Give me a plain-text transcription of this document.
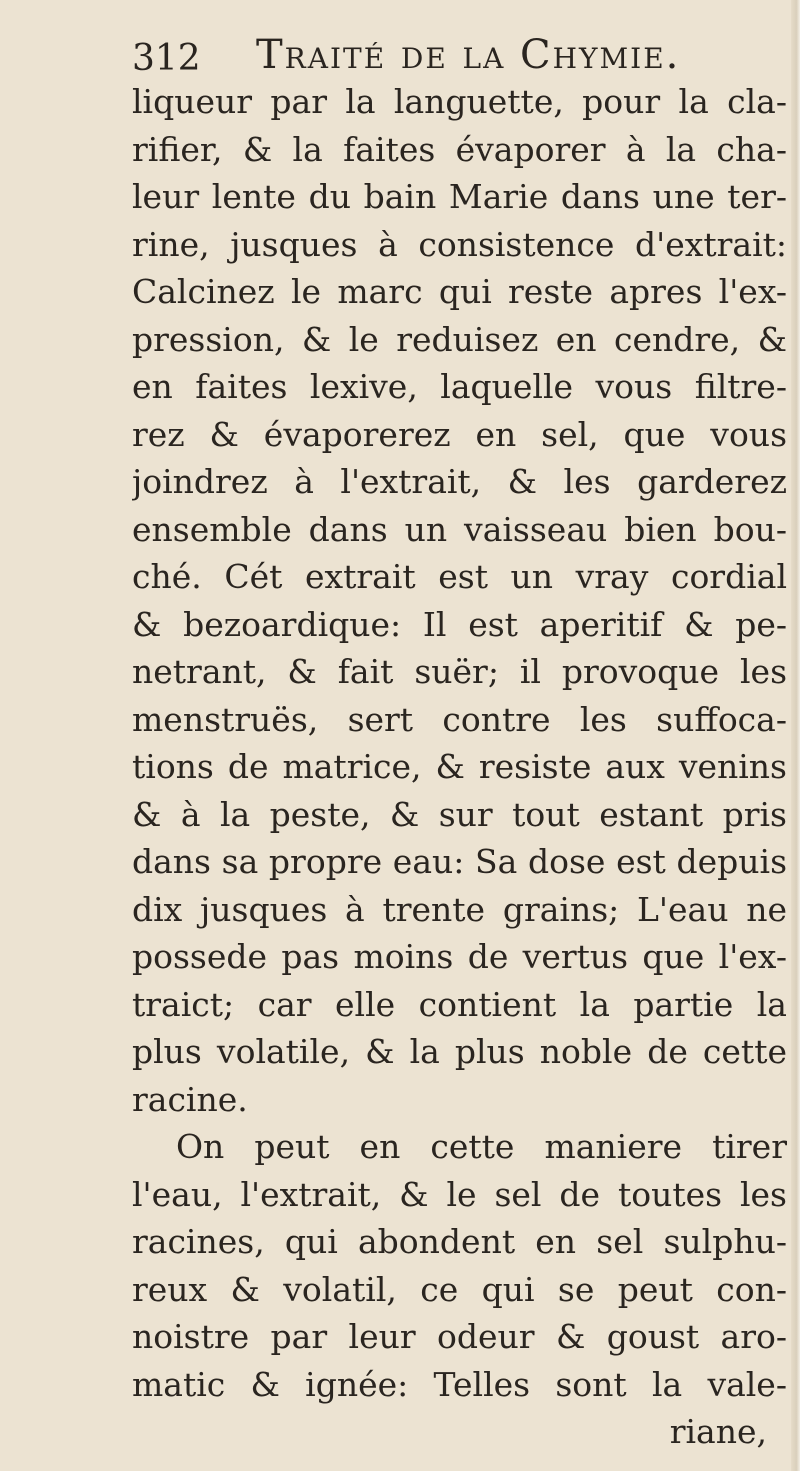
312 Traité de la Chymie.
liqueur par la languette, pour la cla-
rifier, & la faites évaporer à la cha-
leur lente du bain Marie dans une ter-
rine, jusques à consistence d'extrait:
Calcinez le marc qui reste apres l'ex-
pression, & le reduisez en cendre, &
en faites lexive, laquelle vous filtre-
rez & évaporerez en sel, que vous
joindrez à l'extrait, & les garderez
ensemble dans un vaisseau bien bou-
ché. Cét extrait est un vray cordial
& bezoardique: Il est aperitif & pe-
netrant, & fait suër; il provoque les
menstruës, sert contre les suffoca-
tions de matrice, & resiste aux venins
& à la peste, & sur tout estant pris
dans sa propre eau: Sa dose est depuis
dix jusques à trente grains; L'eau ne
possede pas moins de vertus que l'ex-
traict; car elle contient la partie la
plus volatile, & la plus noble de cette
racine.
On peut en cette maniere tirer
l'eau, l'extrait, & le sel de toutes les
racines, qui abondent en sel sulphu-
reux & volatil, ce qui se peut con-
noistre par leur odeur & goust aro-
matic & ignée: Telles sont la vale-
riane,
